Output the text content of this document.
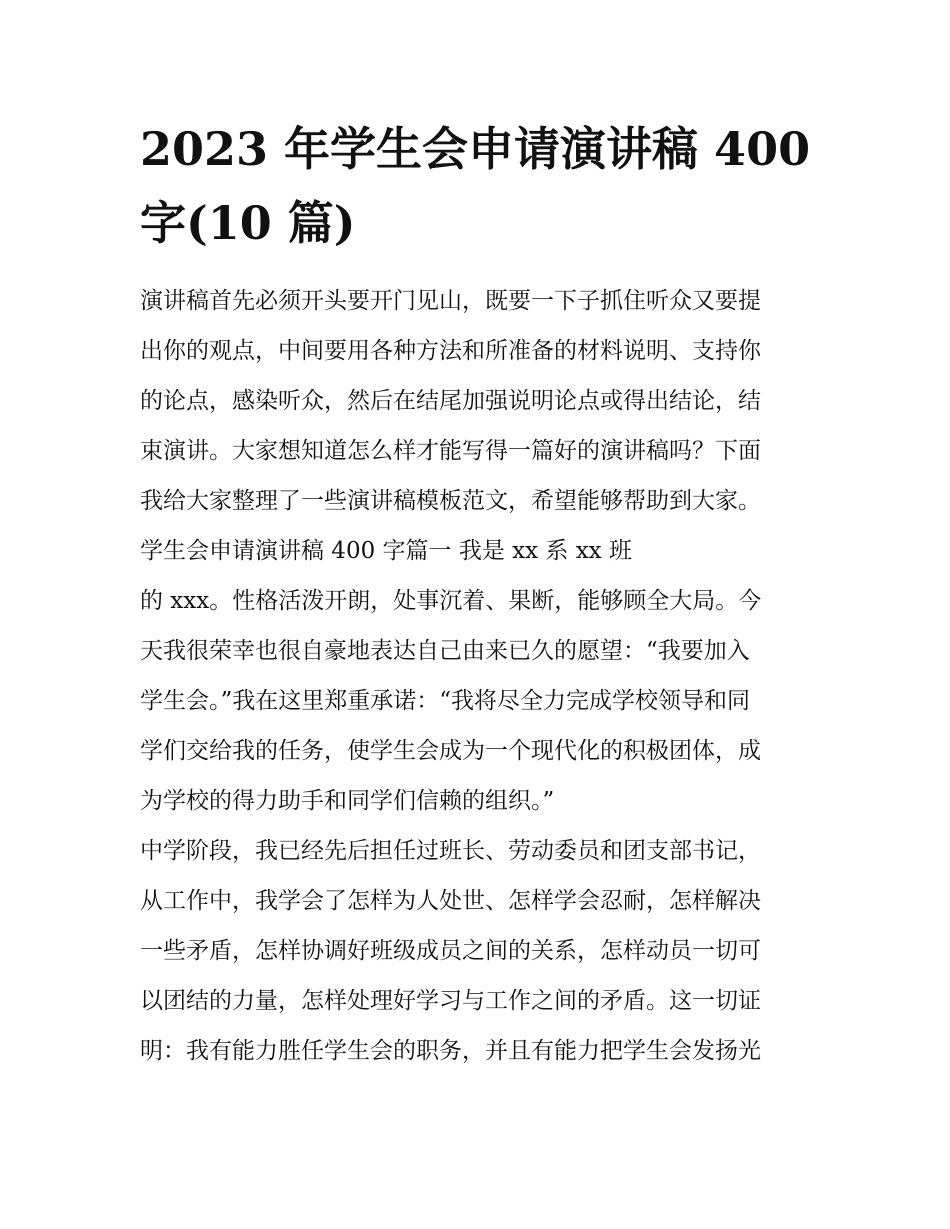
2023 年学生会申请演讲稿 400
字(10 篇)
演讲稿首先必须开头要开门见山，既要一下子抓住听众又要提
出你的观点，中间要用各种方法和所准备的材料说明、支持你
的论点，感染听众，然后在结尾加强说明论点或得出结论，结
束演讲。大家想知道怎么样才能写得一篇好的演讲稿吗？下面
我给大家整理了一些演讲稿模板范文，希望能够帮助到大家。
学生会申请演讲稿 400 字篇一 我是 xx 系 xx 班
的 xxx。性格活泼开朗，处事沉着、果断，能够顾全大局。今
天我很荣幸也很自豪地表达自己由来已久的愿望：“我要加入
学生会。”我在这里郑重承诺：“我将尽全力完成学校领导和同
学们交给我的任务，使学生会成为一个现代化的积极团体，成
为学校的得力助手和同学们信赖的组织。”
中学阶段，我已经先后担任过班长、劳动委员和团支部书记，
从工作中，我学会了怎样为人处世、怎样学会忍耐，怎样解决
一些矛盾，怎样协调好班级成员之间的关系，怎样动员一切可
以团结的力量，怎样处理好学习与工作之间的矛盾。这一切证
明：我有能力胜任学生会的职务，并且有能力把学生会发扬光
